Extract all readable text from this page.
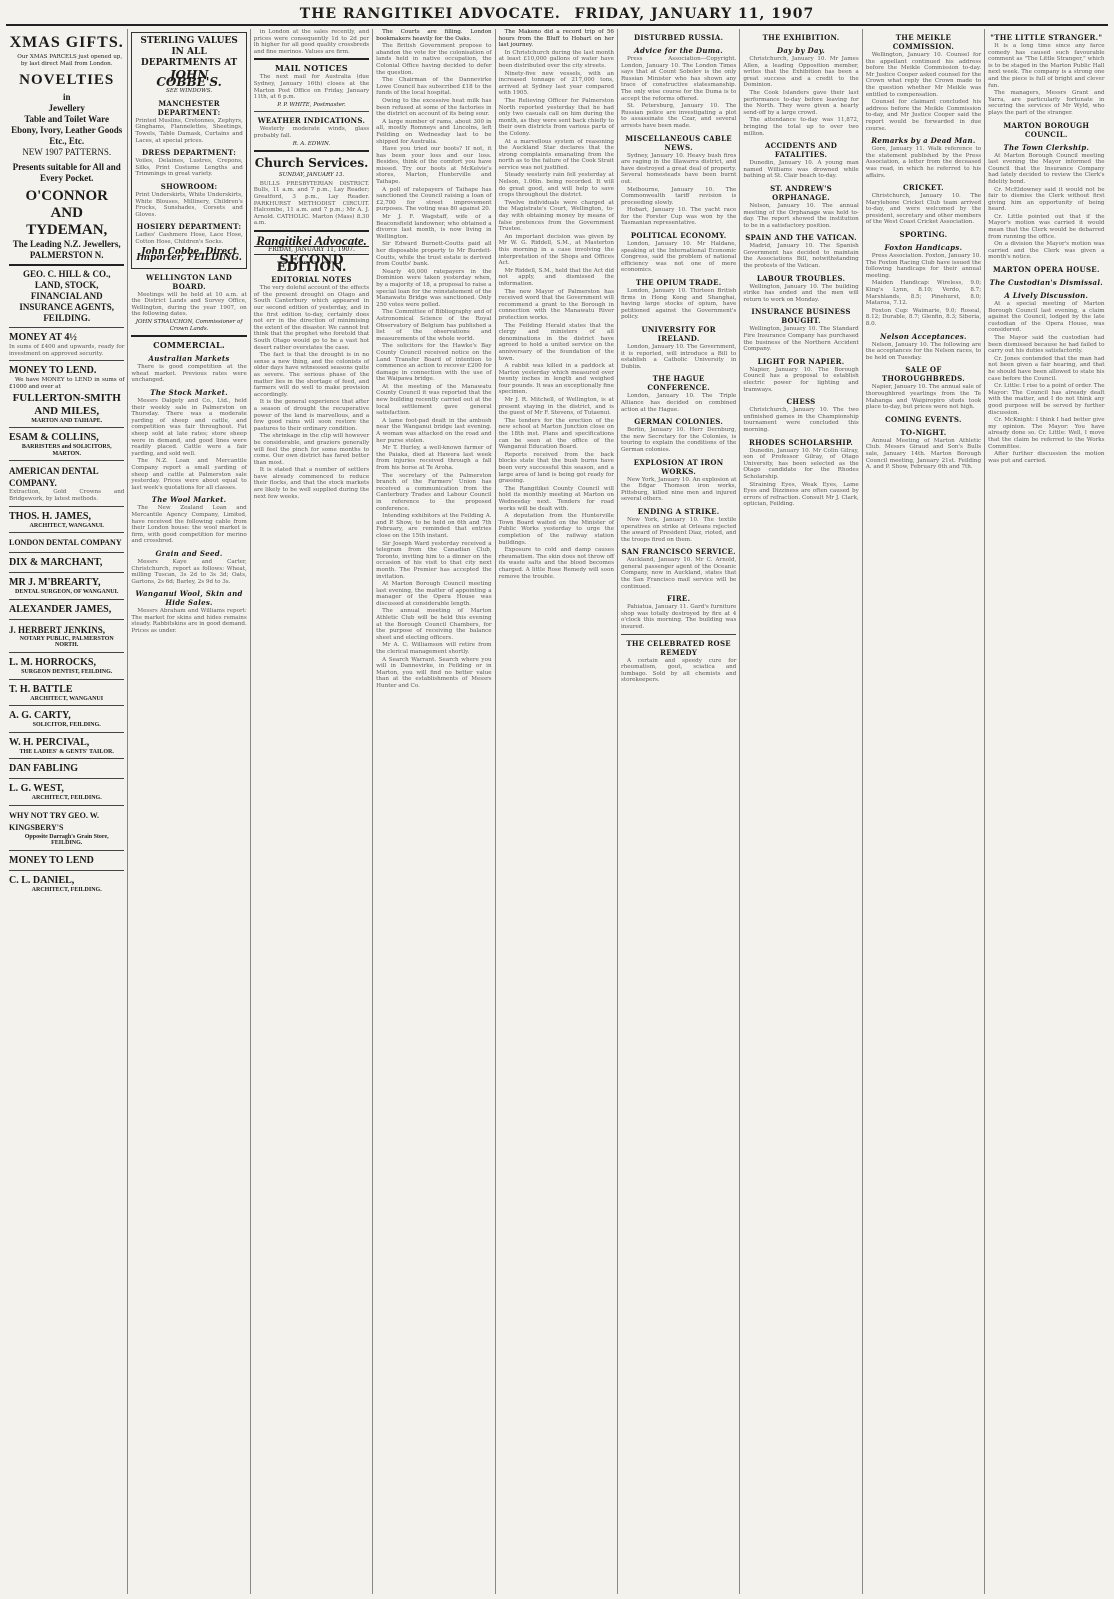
THE RANGITIKEI ADVOCATE.
FRIDAY, JANUARY 11, 1907
XMAS GIFTS.
Our XMAS PARCELS just opened up, by last direct Mail from London.
NOVELTIES
in
Jewellery
Table and Toilet Ware
Ebony, Ivory, Leather Goods
Etc., Etc.
NEW 1907 PATTERNS.
Presents suitable for All and Every Pocket.
O'CONNOR AND TYDEMAN,
The Leading N.Z. Jewellers, PALMERSTON N.
GEO. C. HILL & CO., LAND, STOCK, FINANCIAL AND INSURANCE AGENTS, FEILDING.
MONEY AT 4½
In sums of £400 and upwards, ready for investment on approved security.
MONEY TO LEND.
We have MONEY to LEND in sums of £1000 and over at
FULLERTON-SMITH AND MILES,
MARTON AND TAIHAPE.
ESAM & COLLINS,
BARRISTERS and SOLICITORS, MARTON.
AMERICAN DENTAL COMPANY.
Extraction, Gold Crowns and Bridgework, by latest methods.
THOS. H. JAMES,
ARCHITECT, WANGANUI.
LONDON DENTAL COMPANY
DIX & MARCHANT,
MR J. M'BREARTY,
DENTAL SURGEON, OF WANGANUI.
ALEXANDER JAMES,
J. HERBERT JENKINS,
NOTARY PUBLIC, PALMERSTON NORTH.
L. M. HORROCKS,
SURGEON DENTIST, FEILDING.
T. H. BATTLE
ARCHITECT, WANGANUI
A. G. CARTY,
SOLICITOR, FEILDING.
W. H. PERCIVAL,
THE LADIES' & GENTS' TAILOR.
DAN FABLING
L. G. WEST,
ARCHITECT, FEILDING.
WHY NOT TRY GEO. W. KINGSBERY'S
Opposite Darragh's Grain Store, FEILDING.
MONEY TO LEND
C. L. DANIEL,
ARCHITECT, FEILDING.
STERLING VALUES IN ALL DEPARTMENTS AT
JOHN COBBE'S.
SEE WINDOWS.
MANCHESTER DEPARTMENT:
Printed Muslins, Cretonnes, Zephyrs, Ginghams, Flannelettes, Sheetings, Towels, Table Damask, Curtains and Laces, at special prices.
DRESS DEPARTMENT:
Voiles, Delaines, Lustres, Crepons, Silks, Print Costume Lengths and Trimmings in great variety.
SHOWROOM:
Print Underskirts, White Underskirts, White Blouses, Millinery, Children's Frocks, Sunshades, Corsets and Gloves.
HOSIERY DEPARTMENT:
Ladies' Cashmere Hose, Lace Hose, Cotton Hose, Children's Socks.
John Cobbe, Direct Importer, FEILDING.
WELLINGTON LAND BOARD.
Meetings will be held at 10 a.m. at the District Lands and Survey Office, Wellington, during the year 1907, on the following dates.
JOHN STRAUCHON, Commissioner of Crown Lands.
COMMERCIAL.
Australian Markets
There is good competition at the wheat market. Previous rates were unchanged.
The Stock Market.
Messrs Dalgety and Co., Ltd., held their weekly sale in Palmerston on Thursday. There was a moderate yarding of sheep and cattle, and competition was fair throughout. Fat sheep sold at late rates; store sheep were in demand, and good lines were readily placed. Cattle were a fair yarding, and sold well.
The N.Z. Loan and Mercantile Company report a small yarding of sheep and cattle at Palmerston sale yesterday. Prices were about equal to last week's quotations for all classes.
The Wool Market.
The New Zealand Loan and Mercantile Agency Company, Limited, have received the following cable from their London house: the wool market is firm, with good competition for merino and crossbred.
Grain and Seed.
Messrs Kaye and Carter, Christchurch, report as follows: Wheat, milling Tuscan, 3s 2d to 3s 3d; Oats, Gartons, 2s 6d; Barley, 2s 9d to 3s.
Wanganui Wool, Skin and Hide Sales.
Messrs Abraham and Williams report: The market for skins and hides remains steady. Rabbitskins are in good demand. Prices as under.
in London at the sales recently, and prices were consequently 1d to 2d per lb higher for all good quality crossbreds and fine merinos. Values are firm.
MAIL NOTICES
The next mail for Australia (due Sydney, January 16th) closes at the Marton Post Office on Friday, January 11th, at 6 p.m.
P. P. WHITE, Postmaster.
WEATHER INDICATIONS.
Westerly moderate winds, glass probably fall.
R. A. EDWIN.
Church Services.
SUNDAY, JANUARY 13.
BULLS PRESBYTERIAN DISTRICT. Bulls, 11 a.m. and 7 p.m., Lay Reader; Greatford, 3 p.m., Lay Reader. PARKHURST METHODIST CIRCUIT. Halcombe, 11 a.m. and 7 p.m.; Mr A. J. Arnold. CATHOLIC. Marton (Mass) 8.30 a.m.
Rangitikei Advocate.
FRIDAY, JANUARY 11, 1907.
SECOND EDITION.
EDITORIAL NOTES
The very doleful account of the effects of the present drought on Otago and South Canterbury which appeared in our second edition of yesterday, and in the first edition to-day, certainly does not err in the direction of minimising the extent of the disaster. We cannot but think that the prophet who foretold that South Otago would go to be a vast hot desert rather overstates the case.
The fact is that the drought is in no sense a new thing, and the colonists of older days have witnessed seasons quite as severe. The serious phase of the matter lies in the shortage of feed, and farmers will do well to make provision accordingly.
It is the general experience that after a season of drought the recuperative power of the land is marvellous, and a few good rains will soon restore the pastures to their ordinary condition.
The shrinkage in the clip will however be considerable, and graziers generally will feel the pinch for some months to come. Our own district has fared better than most.
It is stated that a number of settlers have already commenced to reduce their flocks, and that the stock markets are likely to be well supplied during the next few weeks.
The Courts are filling. London bookmakers heavily for the Oaks.
The British Government propose to abandon the vote for the colonisation of lands held in native occupation, the Colonial Office having decided to defer the question.
The Chairman of the Dannevirke Lowe Council has subscribed £18 to the funds of the local hospital.
Owing to the excessive heat milk has been refused at some of the factories in the district on account of its being sour.
A large number of rams, about 300 in all, mostly Romneys and Lincolns, left Feilding on Wednesday last to be shipped for Australia.
Have you tried our boots? If not, it has been your loss and our loss. Besides, think of the comfort you have missed. Try our boots at McKelvie's stores, Marton, Hunterville and Taihape.
A poll of ratepayers of Taihape has sanctioned the Council raising a loan of £2,700 for street improvement purposes. The voting was 80 against 20.
Mr J. F. Wagstaff, wife of a Beaconsfield landowner, who obtained a divorce last month, is now living in Wellington.
Sir Edward Burnett-Coutts paid all her disposable property to Mr Burdett-Coutts, while the trust estate is derived from Coutts' bank.
Nearly 40,000 ratepayers in the Dominion were taken yesterday when, by a majority of 18, a proposal to raise a special loan for the reinstatement of the Manawatu Bridge was sanctioned. Only 250 votes were polled.
The Committee of Bibliography and of Astronomical Science of the Royal Observatory of Belgium has published a list of the observations and measurements of the whole world.
The solicitors for the Hawke's Bay County Council received notice on the Land Transfer Board of intention to commence an action to recover £200 for damage in connection with the use of the Waipawa bridge.
At the meeting of the Manawatu County Council it was reported that the new building recently carried out at the local settlement gave general satisfaction.
A lame foot-pad dealt in the ambush near the Wanganui bridge last evening. A woman was attacked on the road and her purse stolen.
Mr T. Hurley, a well-known farmer of the Paiaka, died at Hawera last week from injuries received through a fall from his horse at Te Aroha.
The secretary of the Palmerston branch of the Farmers' Union has received a communication from the Canterbury Trades and Labour Council in reference to the proposed conference.
Intending exhibitors at the Feilding A. and P. Show, to be held on 6th and 7th February, are reminded that entries close on the 15th instant.
Sir Joseph Ward yesterday received a telegram from the Canadian Club, Toronto, inviting him to a dinner on the occasion of his visit to that city next month. The Premier has accepted the invitation.
At Marton Borough Council meeting last evening, the matter of appointing a manager of the Opera House was discussed at considerable length.
The annual meeting of Marton Athletic Club will be held this evening at the Borough Council Chambers, for the purpose of receiving the balance sheet and electing officers.
Mr A. C. Williamson will retire from the clerical management shortly.
A Search Warrant. Search where you will in Dannevirke, in Feilding or in Marton, you will find no better value than at the establishments of Messrs Hunter and Co.
The Makeno did a record trip of 56 hours from the Bluff to Hobart on her last journey.
In Christchurch during the last month at least £10,000 gallons of water have been distributed over the city streets.
Ninety-five new vessels, with an increased tonnage of 217,000 tons, arrived at Sydney last year compared with 1905.
The Relieving Officer for Palmerston North reported yesterday that he had only two casuals call on him during the month, as they were sent back chiefly to their own districts from various parts of the Colony.
At a marvellous system of reasoning the Auckland Star declares that the strong complaints emanating from the north as to the failure of the Cook Strait service was not justified.
Steady westerly rain fell yesterday at Nelson, 1.06in. being recorded. It will do great good, and will help to save crops throughout the district.
Twelve individuals were charged at the Magistrate's Court, Wellington, to-day with obtaining money by means of false pretences from the Government Trustee.
An important decision was given by Mr W. G. Riddell, S.M., at Masterton this morning in a case involving the interpretation of the Shops and Offices Act.
Mr Riddell, S.M., held that the Act did not apply, and dismissed the information.
The new Mayor of Palmerston has received word that the Government will recommend a grant to the Borough in connection with the Manawatu River protection works.
The Feilding Herald states that the clergy and ministers of all denominations in the district have agreed to hold a united service on the anniversary of the foundation of the town.
A rabbit was killed in a paddock at Marton yesterday which measured over twenty inches in length and weighed four pounds. It was an exceptionally fine specimen.
Mr J. R. Mitchell, of Wellington, is at present staying in the district, and is the guest of Mr F. Stevens, of Tutaenui.
The tenders for the erection of the new school at Marton Junction close on the 18th inst. Plans and specifications can be seen at the office of the Wanganui Education Board.
Reports received from the back blocks state that the bush burns have been very successful this season, and a large area of land is being got ready for grassing.
The Rangitikei County Council will hold its monthly meeting at Marton on Wednesday next. Tenders for road works will be dealt with.
A deputation from the Hunterville Town Board waited on the Minister of Public Works yesterday to urge the completion of the railway station buildings.
Exposure to cold and damp causes rheumatism. The skin does not throw off its waste salts and the blood becomes charged. A little Rose Remedy will soon remove the trouble.
DISTURBED RUSSIA.
Advice for the Duma.
Press Association—Copyright. London, January 10. The London Times says that at Count Sobolev is the only Russian Minister who has shown any trace of constructive statesmanship. The only wise course for the Duma is to accept the reforms offered.
St. Petersburg, January 10. The Russian police are investigating a plot to assassinate the Czar, and several arrests have been made.
MISCELLANEOUS CABLE NEWS.
Sydney, January 10. Heavy bush fires are raging in the Illawarra district, and have destroyed a great deal of property. Several homesteads have been burnt out.
Melbourne, January 10. The Commonwealth tariff revision is proceeding slowly.
Hobart, January 10. The yacht race for the Forster Cup was won by the Tasmanian representative.
POLITICAL ECONOMY.
London, January 10. Mr Haldane, speaking at the International Economic Congress, said the problem of national efficiency was not one of mere economics.
THE OPIUM TRADE.
London, January 10. Thirteen British firms in Hong Kong and Shanghai, having large stocks of opium, have petitioned against the Government's policy.
UNIVERSITY FOR IRELAND.
London, January 10. The Government, it is reported, will introduce a Bill to establish a Catholic University in Dublin.
THE HAGUE CONFERENCE.
London, January 10. The Triple Alliance has decided on combined action at the Hague.
GERMAN COLONIES.
Berlin, January 10. Herr Dernburg, the new Secretary for the Colonies, is touring to explain the conditions of the German colonies.
EXPLOSION AT IRON WORKS.
New York, January 10. An explosion at the Edgar Thomson iron works, Pittsburg, killed nine men and injured several others.
ENDING A STRIKE.
New York, January 10. The textile operatives on strike at Orleans rejected the award of President Diaz, rioted, and the troops fired on them.
SAN FRANCISCO SERVICE.
Auckland, January 10. Mr C. Arnold, general passenger agent of the Oceanic Company, now in Auckland, states that the San Francisco mail service will be continued.
FIRE.
Pahiatua, January 11. Gard's furniture shop was totally destroyed by fire at 4 o'clock this morning. The building was insured.
THE CELEBRATED ROSE REMEDY
A certain and speedy cure for rheumatism, gout, sciatica and lumbago. Sold by all chemists and storekeepers.
THE EXHIBITION.
Day by Day.
Christchurch, January 10. Mr James Allen, a leading Opposition member, writes that the Exhibition has been a great success and a credit to the Dominion.
The Cook Islanders gave their last performance to-day before leaving for the North. They were given a hearty send-off by a large crowd.
The attendance to-day was 11,872, bringing the total up to over two million.
ACCIDENTS AND FATALITIES.
Dunedin, January 10. A young man named Williams was drowned while bathing at St. Clair beach to-day.
ST. ANDREW'S ORPHANAGE.
Nelson, January 10. The annual meeting of the Orphanage was held to-day. The report showed the institution to be in a satisfactory position.
SPAIN AND THE VATICAN.
Madrid, January 10. The Spanish Government has decided to maintain the Associations Bill, notwithstanding the protests of the Vatican.
LABOUR TROUBLES.
Wellington, January 10. The building strike has ended and the men will return to work on Monday.
INSURANCE BUSINESS BOUGHT.
Wellington, January 10. The Standard Fire Insurance Company has purchased the business of the Northern Accident Company.
LIGHT FOR NAPIER.
Napier, January 10. The Borough Council has a proposal to establish electric power for lighting and tramways.
CHESS
Christchurch, January 10. The two unfinished games in the Championship tournament were concluded this morning.
RHODES SCHOLARSHIP.
Dunedin, January 10. Mr Colin Gilray, son of Professor Gilray, of Otago University, has been selected as the Otago candidate for the Rhodes Scholarship.
Straining Eyes, Weak Eyes, Lame Eyes and Dizziness are often caused by errors of refraction. Consult Mr J. Clark, optician, Feilding.
THE MEIKLE COMMISSION.
Wellington, January 10. Counsel for the appellant continued his address before the Meikle Commission to-day. Mr Justice Cooper asked counsel for the Crown what reply the Crown made to the question whether Mr Meikle was entitled to compensation.
Counsel for claimant concluded his address before the Meikle Commission to-day, and Mr Justice Cooper said the report would be forwarded in due course.
Remarks by a Dead Man.
Gore, January 11. Walk reference to the statement published by the Press Association, a letter from the deceased was read, in which he referred to his affairs.
CRICKET.
Christchurch, January 10. The Marylebone Cricket Club team arrived to-day, and were welcomed by the president, secretary and other members of the West Coast Cricket Association.
SPORTING.
Foxton Handicaps.
Press Association. Foxton, January 10. The Foxton Racing Club have issued the following handicaps for their annual meeting.
Maiden Handicap: Wireless, 9.0; King's Lynn, 8.10; Verdo, 8.7; Marshlands, 8.5; Pinehurst, 8.0; Mataroa, 7.12.
Foxton Cup: Waimarie, 9.0; Roseal, 8.12; Durable, 8.7; Glenfin, 8.3; Siberia, 8.0.
Nelson Acceptances.
Nelson, January 10. The following are the acceptances for the Nelson races, to be held on Tuesday.
SALE OF THOROUGHBREDS.
Napier, January 10. The annual sale of thoroughbred yearlings from the Te Mahanga and Waipiropiro studs took place to-day, but prices were not high.
COMING EVENTS.
TO-NIGHT.
Annual Meeting of Marton Athletic Club. Messrs Giraud and Son's Bulls sale, January 14th. Marton Borough Council meeting, January 21st. Feilding A. and P. Show, February 6th and 7th.
"THE LITTLE STRANGER."
It is a long time since any farce comedy has caused such favourable comment as "The Little Stranger," which is to be staged in the Marton Public Hall next week. The company is a strong one and the piece is full of bright and clever fun.
The managers, Messrs Grant and Yarra, are particularly fortunate in securing the services of Mr Wyld, who plays the part of the stranger.
MARTON BOROUGH COUNCIL.
The Town Clerkship.
At Marton Borough Council meeting last evening the Mayor informed the Council that the Insurance Company had lately decided to review the Clerk's fidelity bond.
Cr. McEldowney said it would not be fair to dismiss the Clerk without first giving him an opportunity of being heard.
Cr. Little pointed out that if the Mayor's motion was carried it would mean that the Clerk would be debarred from running the office.
On a division the Mayor's motion was carried and the Clerk was given a month's notice.
MARTON OPERA HOUSE.
The Custodian's Dismissal.
A Lively Discussion.
At a special meeting of Marton Borough Council last evening, a claim against the Council, lodged by the late custodian of the Opera House, was considered.
The Mayor said the custodian had been dismissed because he had failed to carry out his duties satisfactorily.
Cr. Jones contended that the man had not been given a fair hearing, and that he should have been allowed to state his case before the Council.
Cr. Little: I rise to a point of order. The Mayor: The Council has already dealt with the matter, and I do not think any good purpose will be served by further discussion.
Cr. McKnight: I think I had better give my opinion. The Mayor: You have already done so. Cr. Little: Well, I move that the claim be referred to the Works Committee.
After further discussion the motion was put and carried.
